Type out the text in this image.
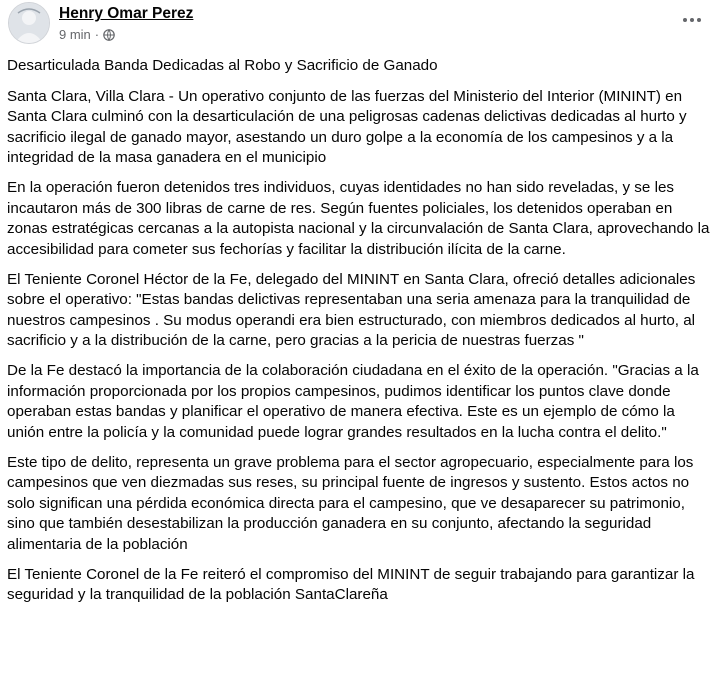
Henry Omar Perez
9 min ·

Desarticulada Banda Dedicadas al Robo y Sacrificio de Ganado

Santa Clara, Villa Clara - Un operativo conjunto de las fuerzas del Ministerio del Interior (MININT) en Santa Clara culminó con la desarticulación de una peligrosas cadenas delictivas dedicadas al hurto y sacrificio ilegal de ganado mayor, asestando un duro golpe a la economía de los campesinos y a la integridad de la masa ganadera en el municipio

En la operación fueron detenidos tres individuos, cuyas identidades no han sido reveladas, y se les incautaron más de 300 libras de carne de res. Según fuentes policiales, los detenidos operaban en zonas estratégicas cercanas a la autopista nacional y la circunvalación de Santa Clara, aprovechando la accesibilidad para cometer sus fechorías y facilitar la distribución ilícita de la carne.

El Teniente Coronel Héctor de la Fe, delegado del MININT en Santa Clara, ofreció detalles adicionales sobre el operativo: "Estas bandas delictivas representaban una seria amenaza para la tranquilidad de nuestros campesinos . Su modus operandi era bien estructurado, con miembros dedicados al hurto, al sacrificio y a la distribución de la carne, pero gracias a la pericia de nuestras fuerzas "

De la Fe destacó la importancia de la colaboración ciudadana en el éxito de la operación. "Gracias a la información proporcionada por los propios campesinos, pudimos identificar los puntos clave donde operaban estas bandas y planificar el operativo de manera efectiva. Este es un ejemplo de cómo la unión entre la policía y la comunidad puede lograr grandes resultados en la lucha contra el delito."

Este tipo de delito, representa un grave problema para el sector agropecuario, especialmente para los campesinos que ven diezmadas sus reses, su principal fuente de ingresos y sustento. Estos actos no solo significan una pérdida económica directa para el campesino, que ve desaparecer su patrimonio, sino que también desestabilizan la producción ganadera en su conjunto, afectando la seguridad alimentaria de la población

El Teniente Coronel de la Fe reiteró el compromiso del MININT de seguir trabajando para garantizar la seguridad y la tranquilidad de la población SantaClareña
